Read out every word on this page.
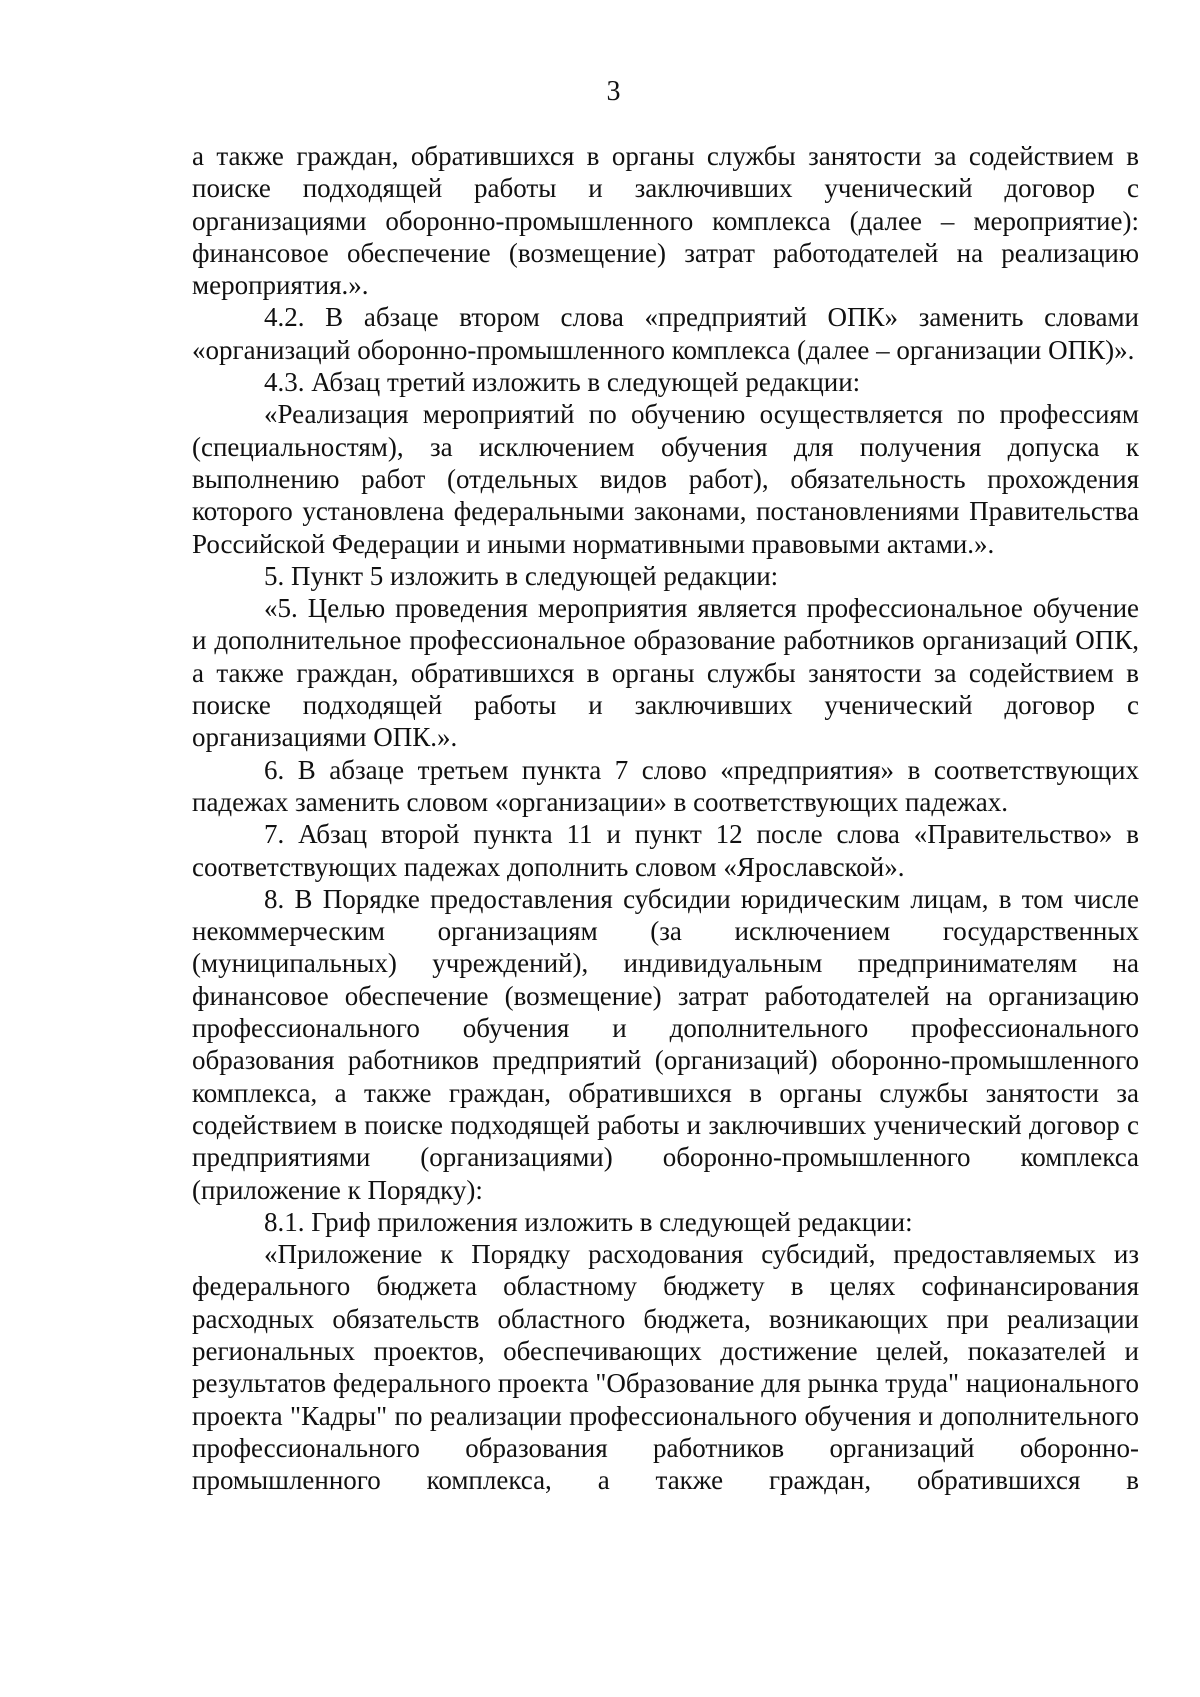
3

а также граждан, обратившихся в органы службы занятости за содействием в поиске подходящей работы и заключивших ученический договор с организациями оборонно-промышленного комплекса (далее – мероприятие): финансовое обеспечение (возмещение) затрат работодателей на реализацию мероприятия.».

4.2. В абзаце втором слова «предприятий ОПК» заменить словами «организаций оборонно-промышленного комплекса (далее – организации ОПК)».

4.3. Абзац третий изложить в следующей редакции:

«Реализация мероприятий по обучению осуществляется по профессиям (специальностям), за исключением обучения для получения допуска к выполнению работ (отдельных видов работ), обязательность прохождения которого установлена федеральными законами, постановлениями Правительства Российской Федерации и иными нормативными правовыми актами.».

5. Пункт 5 изложить в следующей редакции:

«5. Целью проведения мероприятия является профессиональное обучение и дополнительное профессиональное образование работников организаций ОПК, а также граждан, обратившихся в органы службы занятости за содействием в поиске подходящей работы и заключивших ученический договор с организациями ОПК.».

6. В абзаце третьем пункта 7 слово «предприятия» в соответствующих падежах заменить словом «организации» в соответствующих падежах.

7. Абзац второй пункта 11 и пункт 12 после слова «Правительство» в соответствующих падежах дополнить словом «Ярославской».

8. В Порядке предоставления субсидии юридическим лицам, в том числе некоммерческим организациям (за исключением государственных (муниципальных) учреждений), индивидуальным предпринимателям на финансовое обеспечение (возмещение) затрат работодателей на организацию профессионального обучения и дополнительного профессионального образования работников предприятий (организаций) оборонно-промышленного комплекса, а также граждан, обратившихся в органы службы занятости за содействием в поиске подходящей работы и заключивших ученический договор с предприятиями (организациями) оборонно-промышленного комплекса (приложение к Порядку):

8.1. Гриф приложения изложить в следующей редакции:

«Приложение к Порядку расходования субсидий, предоставляемых из федерального бюджета областному бюджету в целях софинансирования расходных обязательств областного бюджета, возникающих при реализации региональных проектов, обеспечивающих достижение целей, показателей и результатов федерального проекта "Образование для рынка труда" национального проекта "Кадры" по реализации профессионального обучения и дополнительного профессионального образования работников организаций оборонно-промышленного комплекса, а также граждан, обратившихся в
